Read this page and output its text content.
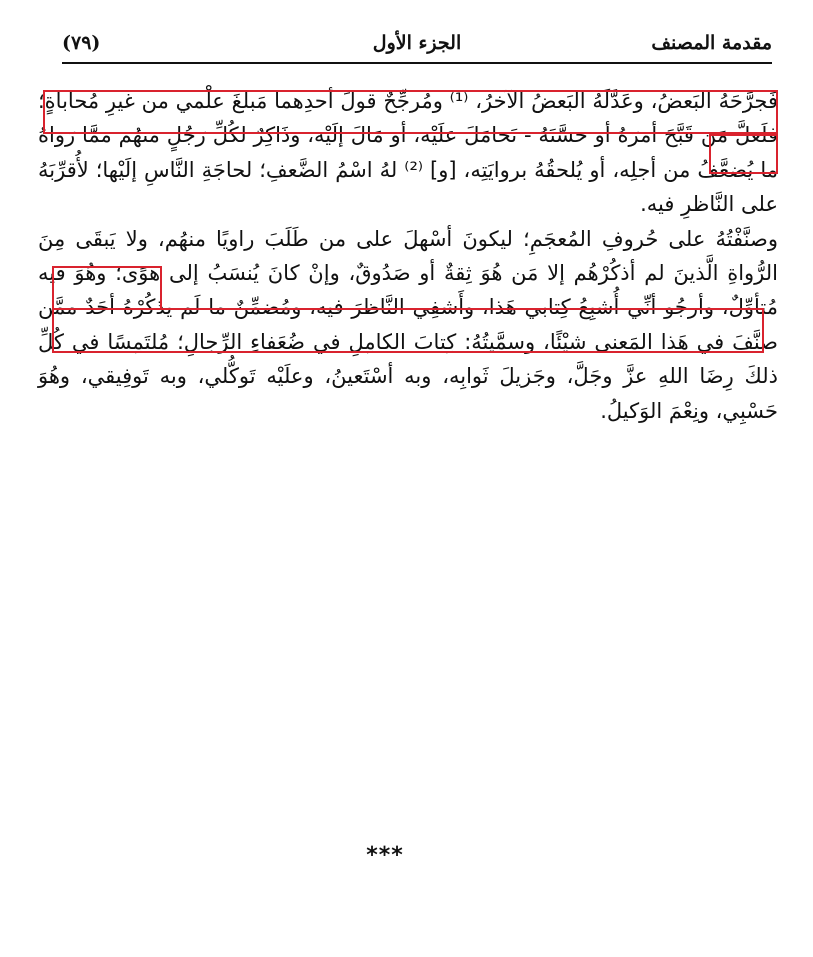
(٧٩)	الجزء الأول	مقدمة المصنف

فَجرَّحَهُ البَعضُ، وعَدَّلَهُ البَعضُ الآخرُ، ⁽¹⁾ ومُرجِّحٌ قولَ أحدِهما مَبلغَ علْمي من غيرِ مُحاباةٍ؛ فلَعلَّ مَن قَبَّحَ أمرَهُ أو حسَّنَهُ - تَحامَلَ علَيْه، أو مَالَ إلَيْه، وذَاكِرٌ لكُلِّ رَجُلٍ منهُم ممَّا رَواهُ ما يُضعَّفُ من أجلِه، أو يُلحقُهُ بروايَتِه، [و] ⁽²⁾ لهُ اسْمُ الضَّعفِ؛ لحاجَةِ النَّاسِ إلَيْها؛ لأُقرِّبَهُ على النَّاظرِ فيه.

وصنَّفْتُهُ على حُروفِ المُعجَمِ؛ ليكونَ أسْهلَ على من طَلَبَ راويًا منهُم، ولا يَبقَى مِنَ الرُّواةِ الَّذينَ لم أذكُرْهُم إلا مَن هُوَ ثِقةٌ أو صَدُوقٌ، وإنْ كانَ يُنسَبُ إلى هوًى؛ وهُوَ فيه مُتأوِّلٌ، وأرجُو أنِّي أُشبِعُ كِتابي هَذا، وأَشفِي النَّاظرَ فيه، ومُضمِّنٌ ما لَم يذكُرْهُ أحَدٌ ممَّن صنَّفَ في هَذا المَعنى شيْئًا، وسمَّيتُهُ: كِتابَ الكامِلِ في ضُعَفاءِ الرِّجالِ؛ مُلتَمِسًا في كُلِّ ذلكَ رِضَا اللهِ عزَّ وجَلَّ، وجَزيلَ ثَوابِه، وبه أسْتَعينُ، وعلَيْه تَوكُّلي، وبه تَوفِيقي، وهُوَ حَسْبِي، ونِعْمَ الوَكيلُ.

***
